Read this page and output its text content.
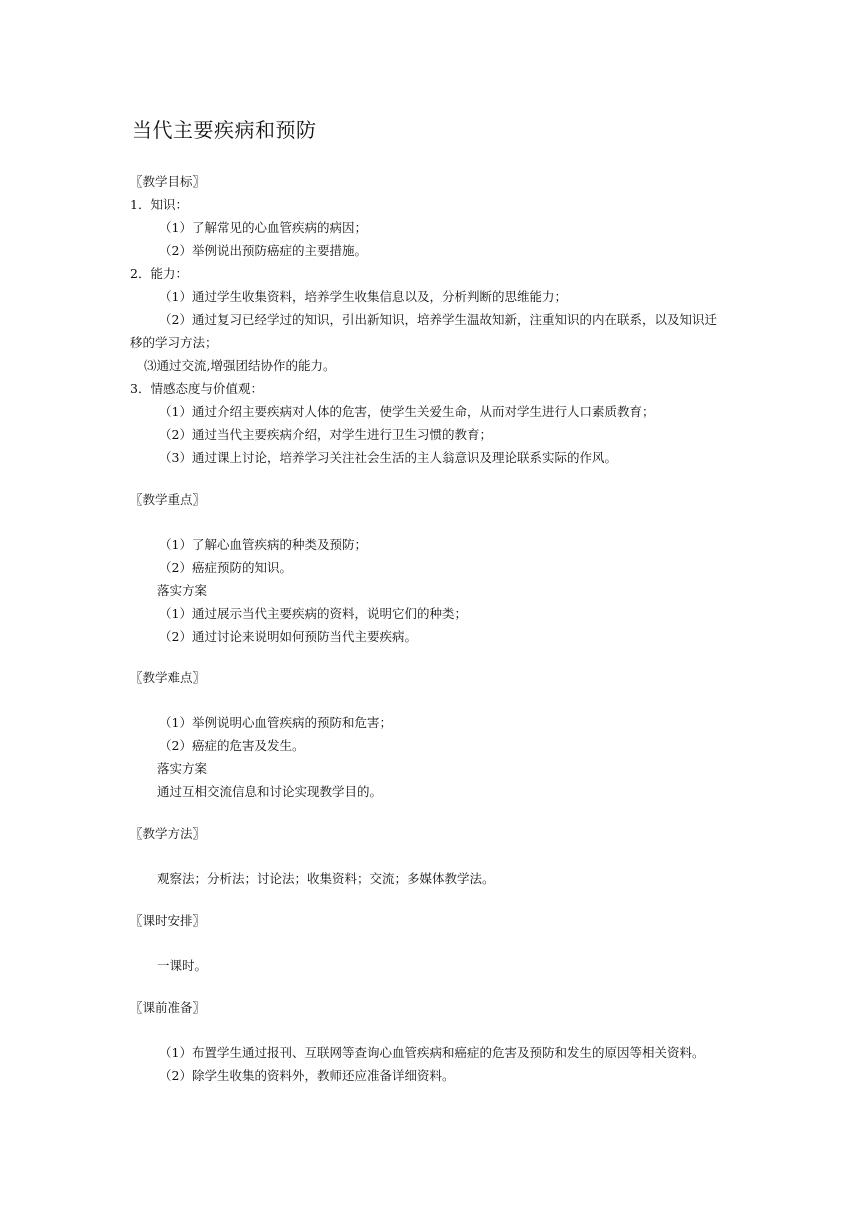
当代主要疾病和预防
〖教学目标〗
1．知识：
（1）了解常见的心血管疾病的病因；
（2）举例说出预防癌症的主要措施。
2．能力：
（1）通过学生收集资料，培养学生收集信息以及，分析判断的思维能力；
（2）通过复习已经学过的知识，引出新知识，培养学生温故知新，注重知识的内在联系，以及知识迁
移的学习方法；
⑶通过交流,增强团结协作的能力。
3．情感态度与价值观：
（1）通过介绍主要疾病对人体的危害，使学生关爱生命，从而对学生进行人口素质教育；
（2）通过当代主要疾病介绍，对学生进行卫生习惯的教育；
（3）通过课上讨论，培养学习关注社会生活的主人翁意识及理论联系实际的作风。
〖教学重点〗
（1）了解心血管疾病的种类及预防；
（2）癌症预防的知识。
落实方案
（1）通过展示当代主要疾病的资料，说明它们的种类；
（2）通过讨论来说明如何预防当代主要疾病。
〖教学难点〗
（1）举例说明心血管疾病的预防和危害；
（2）癌症的危害及发生。
落实方案
通过互相交流信息和讨论实现教学目的。
〖教学方法〗
观察法；分析法；讨论法；收集资料；交流；多媒体教学法。
〖课时安排〗
一课时。
〖课前准备〗
（1）布置学生通过报刊、互联网等查询心血管疾病和癌症的危害及预防和发生的原因等相关资料。
（2）除学生收集的资料外，教师还应准备详细资料。
